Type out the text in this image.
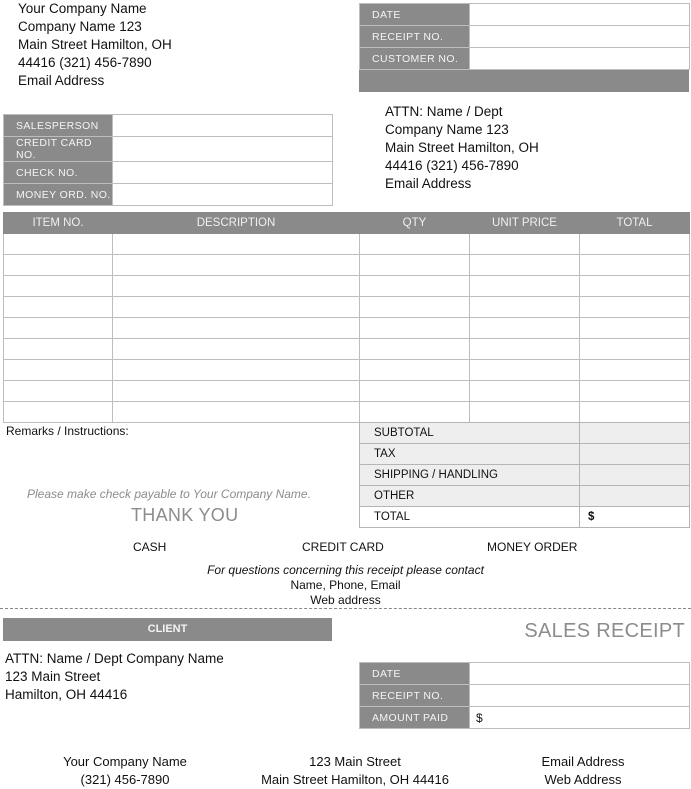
Your Company Name
Company Name 123
Main Street Hamilton, OH
44416 (321) 456-7890
Email Address
DATE	
RECEIPT NO.	
CUSTOMER NO.	
SALESPERSON	
CREDIT CARD NO.	
CHECK NO.	
MONEY ORD. NO.	
ATTN: Name / Dept
Company Name 123
Main Street Hamilton, OH
44416 (321) 456-7890
Email Address
ITEM NO.	DESCRIPTION	QTY	UNIT PRICE	TOTAL

Remarks / Instructions:	SUBTOTAL	
TAX	
SHIPPING / HANDLING	
OTHER	
TOTAL	$
Please make check payable to Your Company Name.
THANK YOU
CASH	CREDIT CARD	MONEY ORDER
For questions concerning this receipt please contact
Name, Phone, Email
Web address
CLIENT	SALES RECEIPT
ATTN: Name / Dept Company Name
123 Main Street
Hamilton, OH 44416
DATE	
RECEIPT NO.	
AMOUNT PAID	$
Your Company Name
(321) 456-7890
123 Main Street
Main Street Hamilton, OH 44416
Email Address
Web Address
